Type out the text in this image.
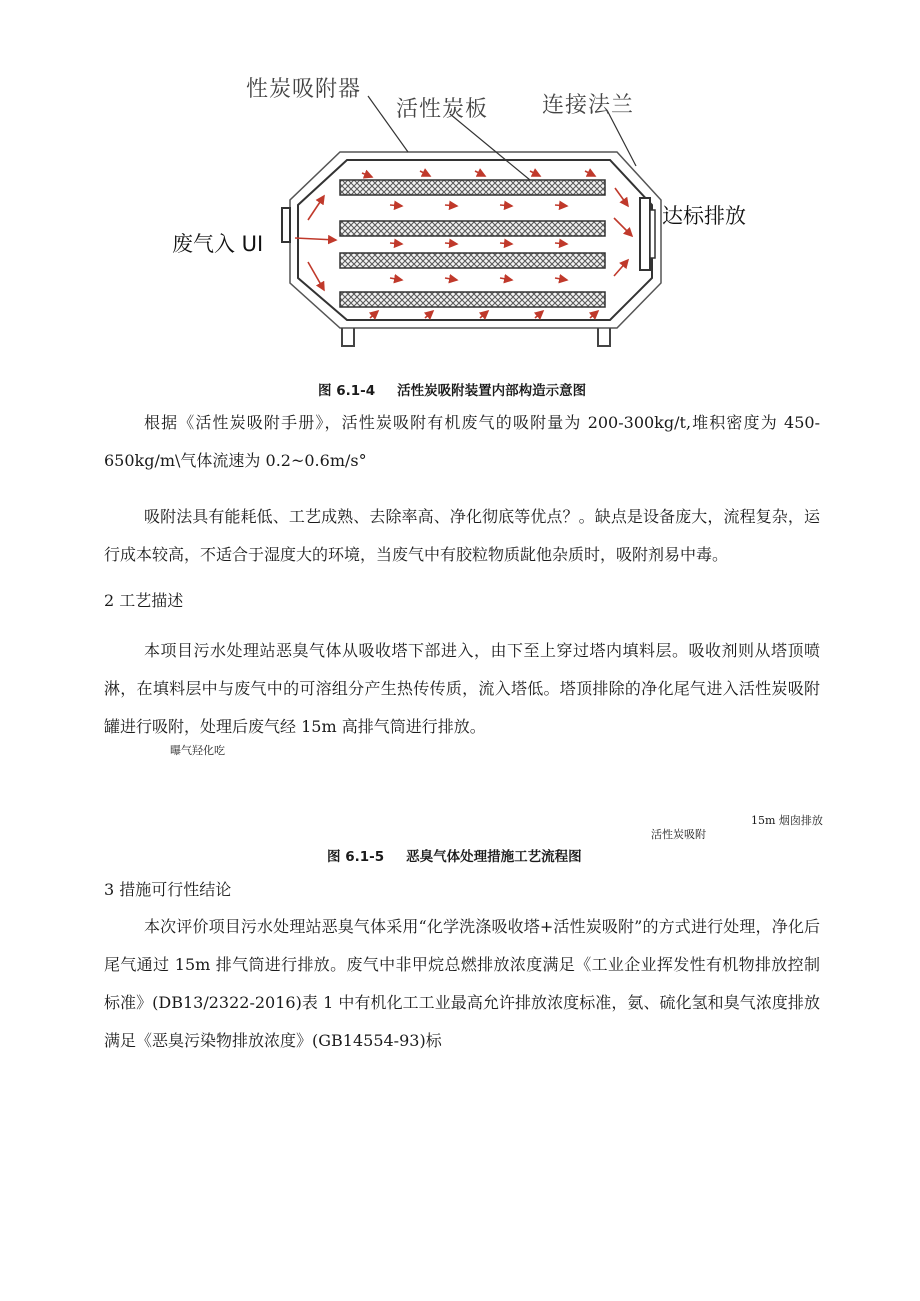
性炭吸附器
活性炭板 连接法兰
废气入 UI
达标排放
图 6.1-4 活性炭吸附装置内部构造示意图

根据《活性炭吸附手册》，活性炭吸附有机废气的吸附量为 200-300kg/t,堆积密度为 450-650kg/m\气体流速为 0.2~0.6m/s°

吸附法具有能耗低、工艺成熟、去除率高、净化彻底等优点？。缺点是设备庞大，流程复杂，运行成本较高，不适合于湿度大的环境，当废气中有胶粒物质龀他杂质时，吸附剂易中毒。

2 工艺描述

本项目污水处理站恶臭气体从吸收塔下部进入，由下至上穿过塔内填料层。吸收剂则从塔顶喷淋，在填料层中与废气中的可溶组分产生热传传质，流入塔低。塔顶排除的净化尾气进入活性炭吸附罐进行吸附，处理后废气经 15m 高排气筒进行排放。

曝气羟化吃
15m 烟囱排放
活性炭吸附
图 6.1-5 恶臭气体处理措施工艺流程图

3 措施可行性结论

本次评价项目污水处理站恶臭气体采用“化学洗涤吸收塔+活性炭吸附”的方式进行处理，净化后尾气通过 15m 排气筒进行排放。废气中非甲烷总燃排放浓度满足《工业企业挥发性有机物排放控制标准》(DB13/2322-2016)表 1 中有机化工工业最高允许排放浓度标准，氨、硫化氢和臭气浓度排放满足《恶臭污染物排放浓度》(GB14554-93)标
